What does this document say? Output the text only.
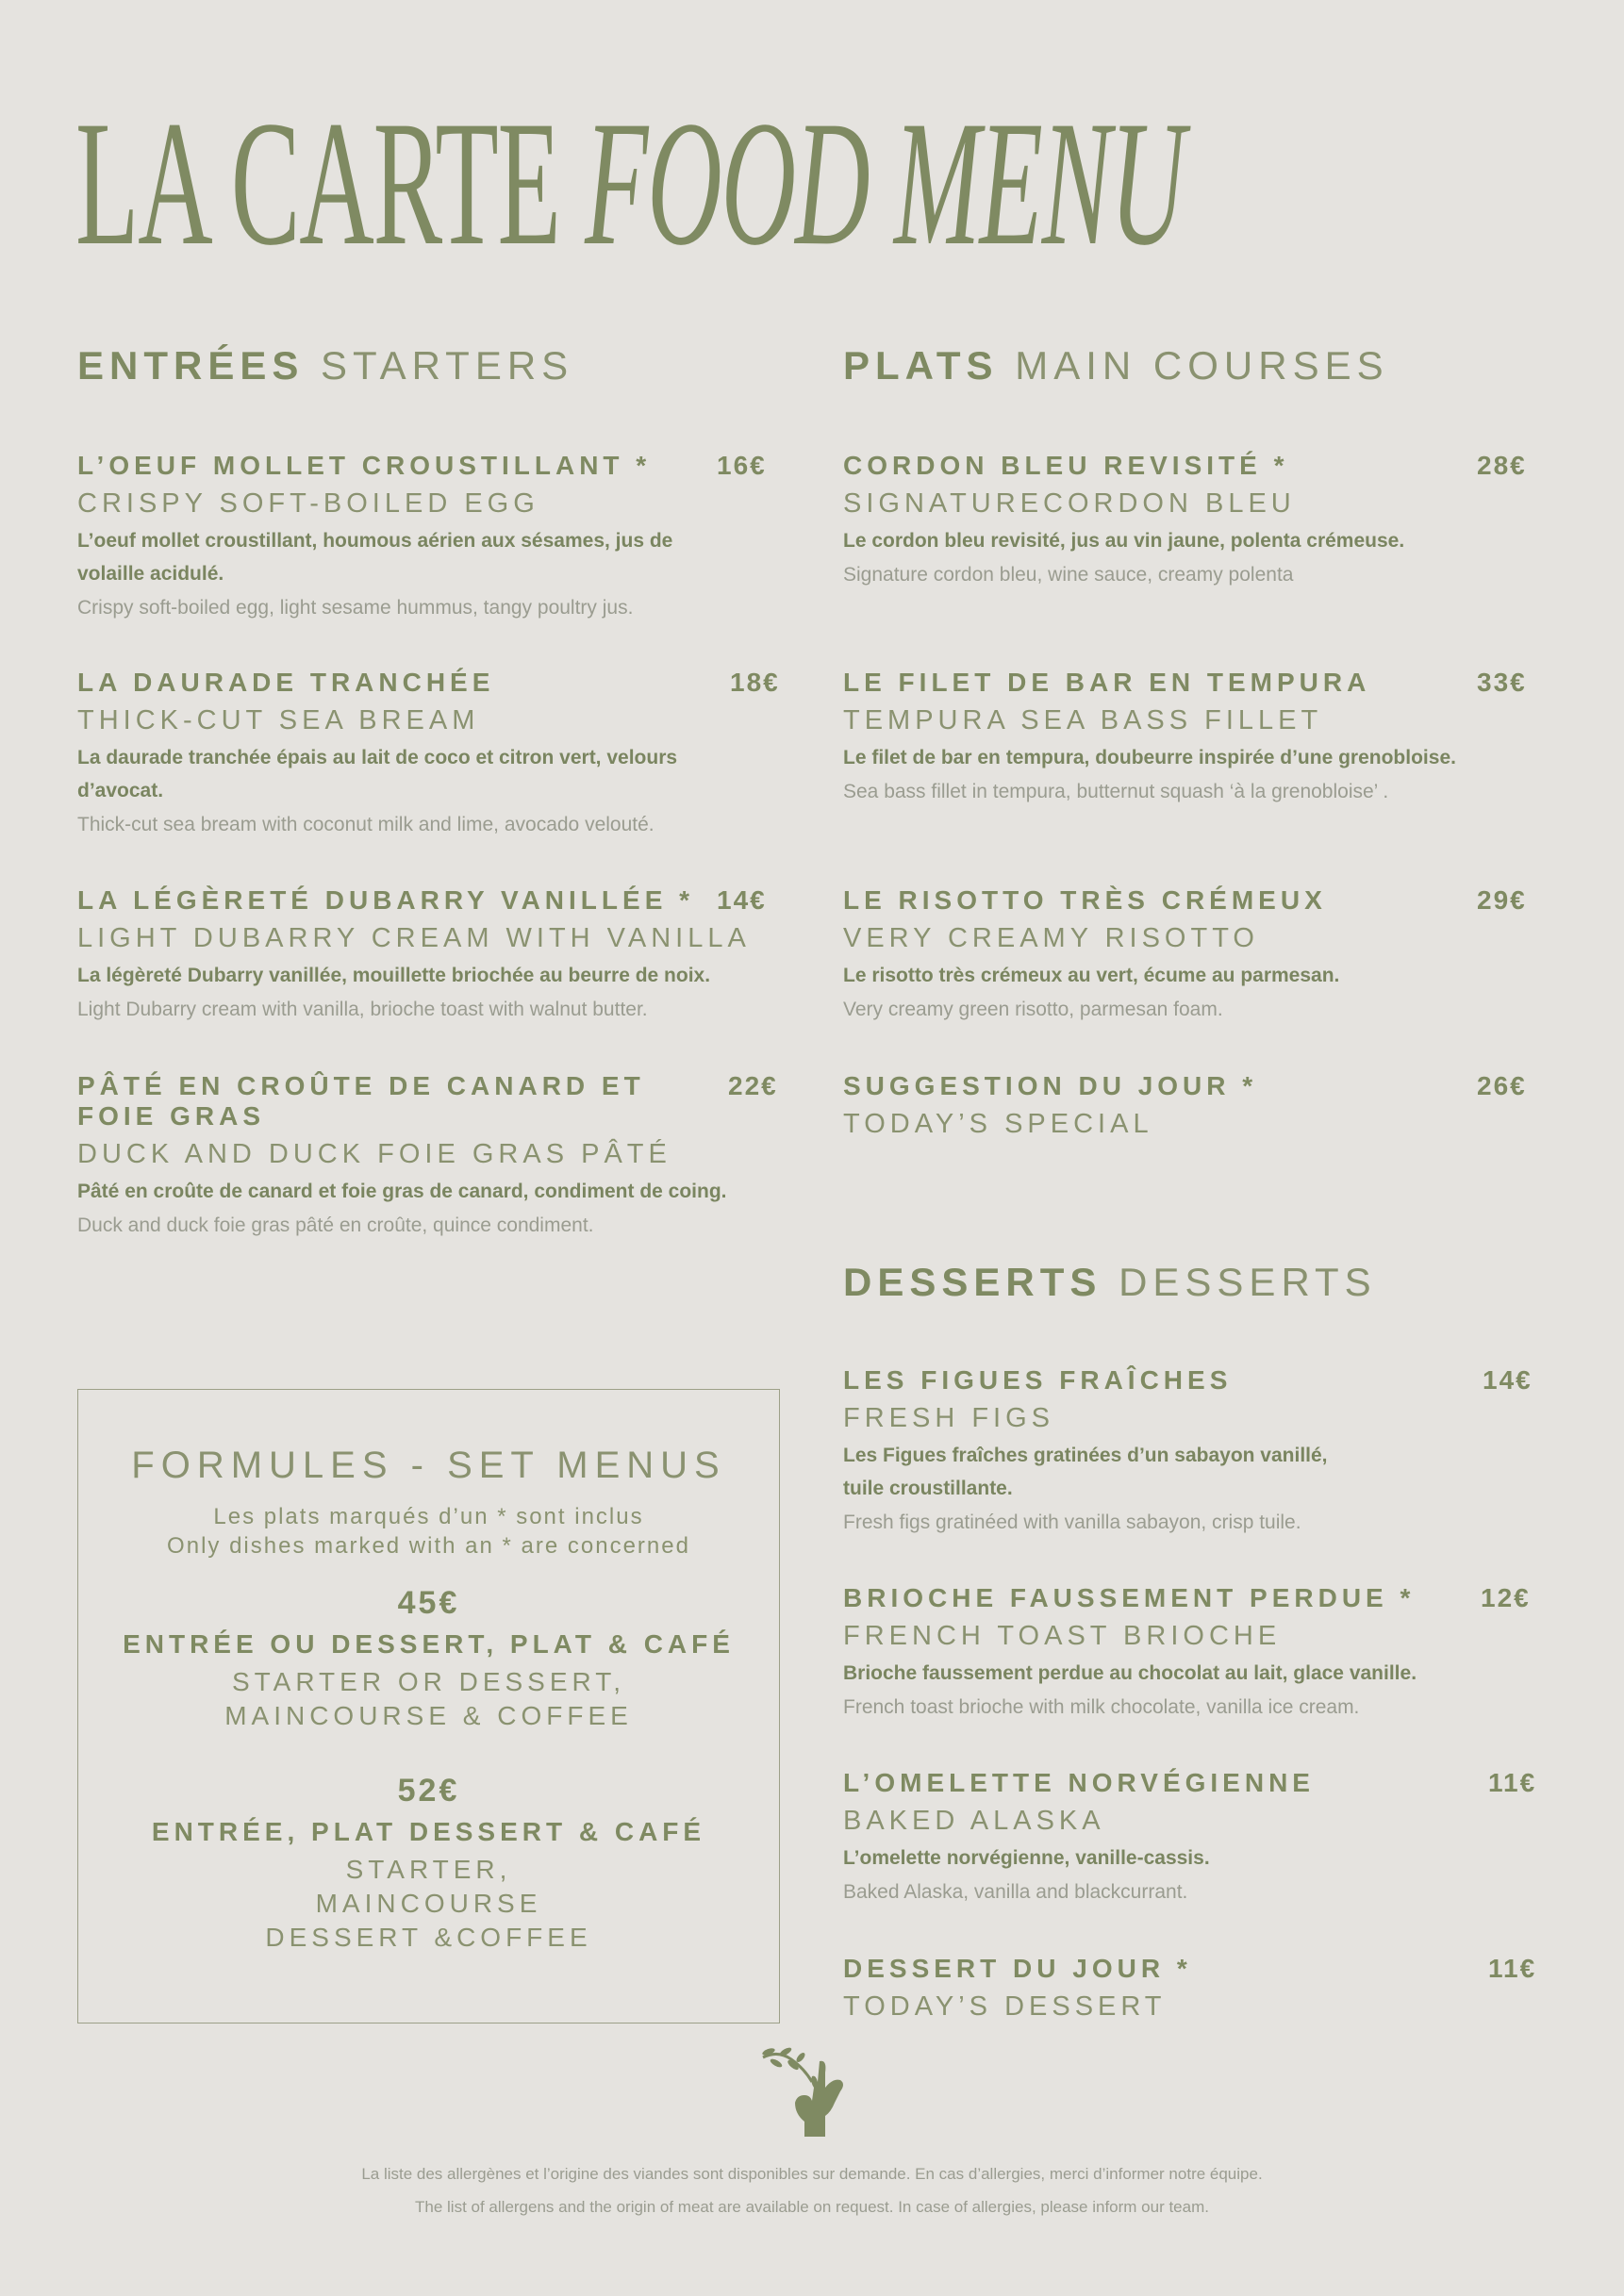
LA CARTE FOOD MENU
ENTRÉES STARTERS
L’OEUF MOLLET CROUSTILLANT *	16€
CRISPY SOFT-BOILED EGG
L’oeuf mollet croustillant, houmous aérien aux sésames, jus de volaille acidulé.
Crispy soft-boiled egg, light sesame hummus, tangy poultry jus.
LA DAURADE TRANCHÉE	18€
THICK-CUT SEA BREAM
La daurade tranchée épais au lait de coco et citron vert, velours d’avocat.
Thick-cut sea bream with coconut milk and lime, avocado velouté.
LA LÉGÈRETÉ DUBARRY VANILLÉE * 14€
LIGHT DUBARRY CREAM WITH VANILLA
La légèreté Dubarry vanillée, mouillette briochée au beurre de noix.
Light Dubarry cream with vanilla, brioche toast with walnut butter.
PÂTÉ EN CROÛTE DE CANARD ET FOIE GRAS
22€
DUCK AND DUCK FOIE GRAS PÂTÉ
Pâté en croûte de canard et foie gras de canard, condiment de coing.
Duck and duck foie gras pâté en croûte, quince condiment.
PLATS MAIN COURSES
CORDON BLEU REVISITÉ *	28€
SIGNATURECORDON BLEU
Le cordon bleu revisité, jus au vin jaune, polenta crémeuse.
Signature cordon bleu, wine sauce, creamy polenta
LE FILET DE BAR EN TEMPURA	33€
TEMPURA SEA BASS FILLET
Le filet de bar en tempura, doubeurre inspirée d’une grenobloise.
Sea bass fillet in tempura, butternut squash ‘à la grenobloise’ .
LE RISOTTO TRÈS CRÉMEUX	29€
VERY CREAMY RISOTTO
Le risotto très crémeux au vert, écume au parmesan.
Very creamy green risotto, parmesan foam.
SUGGESTION DU JOUR *	26€
TODAY’S SPECIAL
DESSERTS DESSERTS
LES FIGUES FRAÎCHES	14€
FRESH FIGS
Les Figues fraîches gratinées d’un sabayon vanillé, tuile croustillante.
Fresh figs gratinéed with vanilla sabayon, crisp tuile.
BRIOCHE FAUSSEMENT PERDUE *	12€
FRENCH TOAST BRIOCHE
Brioche faussement perdue au chocolat au lait, glace vanille.
French toast brioche with milk chocolate, vanilla ice cream.
L’OMELETTE NORVÉGIENNE	11€
BAKED ALASKA
L’omelette norvégienne, vanille-cassis.
Baked Alaska, vanilla and blackcurrant.
DESSERT DU JOUR *	11€
TODAY’S DESSERT
FORMULES - SET MENUS
Les plats marqués d’un * sont inclus
Only dishes marked with an * are concerned
45€
ENTRÉE OU DESSERT, PLAT & CAFÉ
STARTER OR DESSERT, MAINCOURSE & COFFEE
52€
ENTRÉE, PLAT DESSERT & CAFÉ
STARTER, MAINCOURSE DESSERT &COFFEE
La liste des allergènes et l’origine des viandes sont disponibles sur demande. En cas d’allergies, merci d’informer notre équipe.
The list of allergens and the origin of meat are available on request. In case of allergies, please inform our team.
